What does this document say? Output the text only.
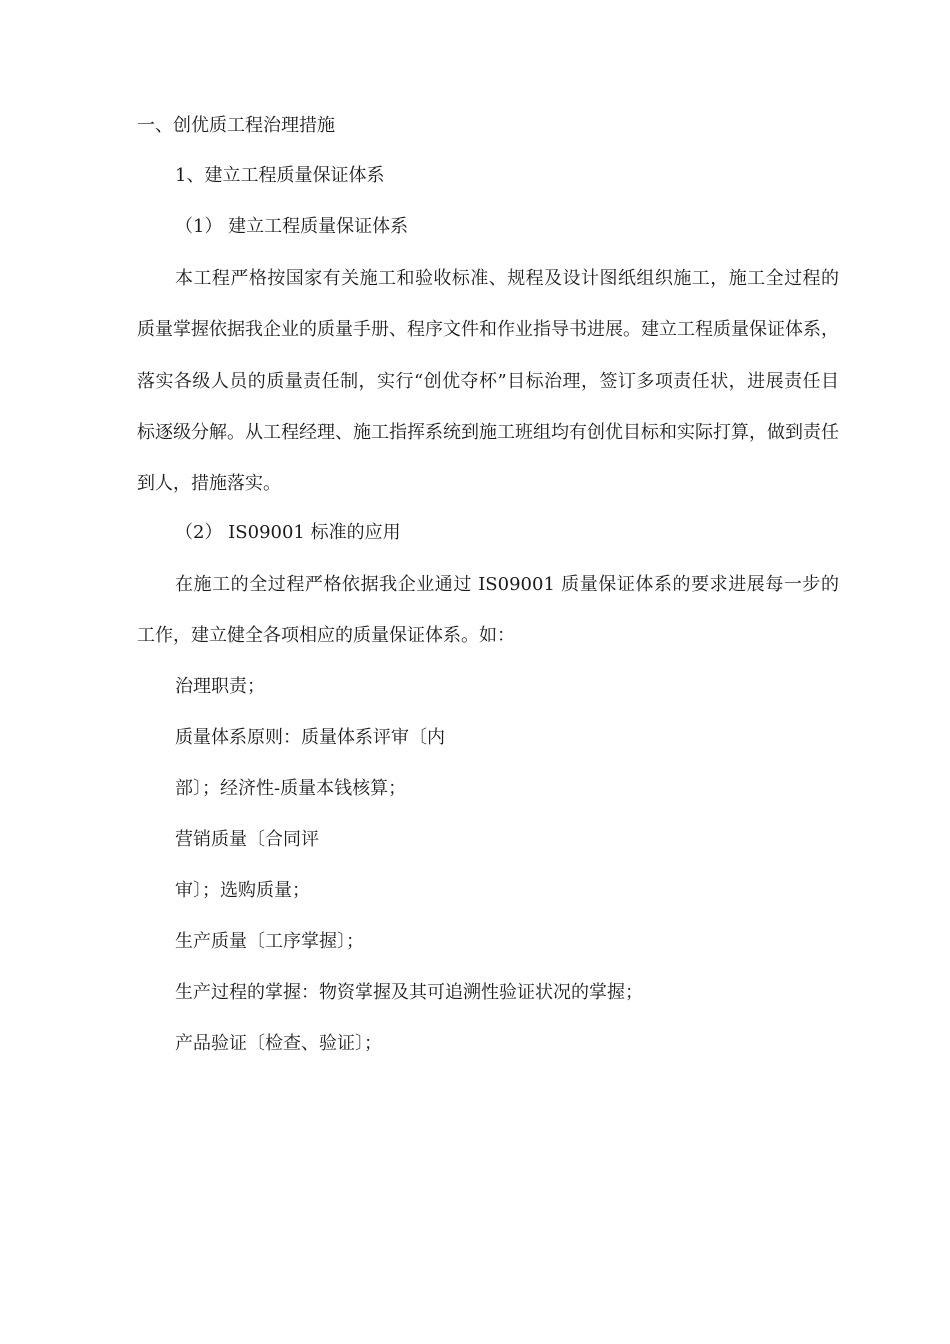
一、创优质工程治理措施
1、建立工程质量保证体系
（1） 建立工程质量保证体系
本工程严格按国家有关施工和验收标准、规程及设计图纸组织施工，施工全过程的质量掌握依据我企业的质量手册、程序文件和作业指导书进展。建立工程质量保证体系，落实各级人员的质量责任制，实行“创优夺杯”目标治理，签订多项责任状，进展责任目标逐级分解。从工程经理、施工指挥系统到施工班组均有创优目标和实际打算，做到责任到人，措施落实。
（2） IS09001 标准的应用
在施工的全过程严格依据我企业通过 IS09001 质量保证体系的要求进展每一步的工作，建立健全各项相应的质量保证体系。如：
治理职责；
质量体系原则：质量体系评审〔内
部〕；经济性-质量本钱核算；
营销质量〔合同评
审〕；选购质量；
生产质量〔工序掌握〕；
生产过程的掌握：物资掌握及其可追溯性验证状况的掌握；
产品验证〔检查、验证〕；
